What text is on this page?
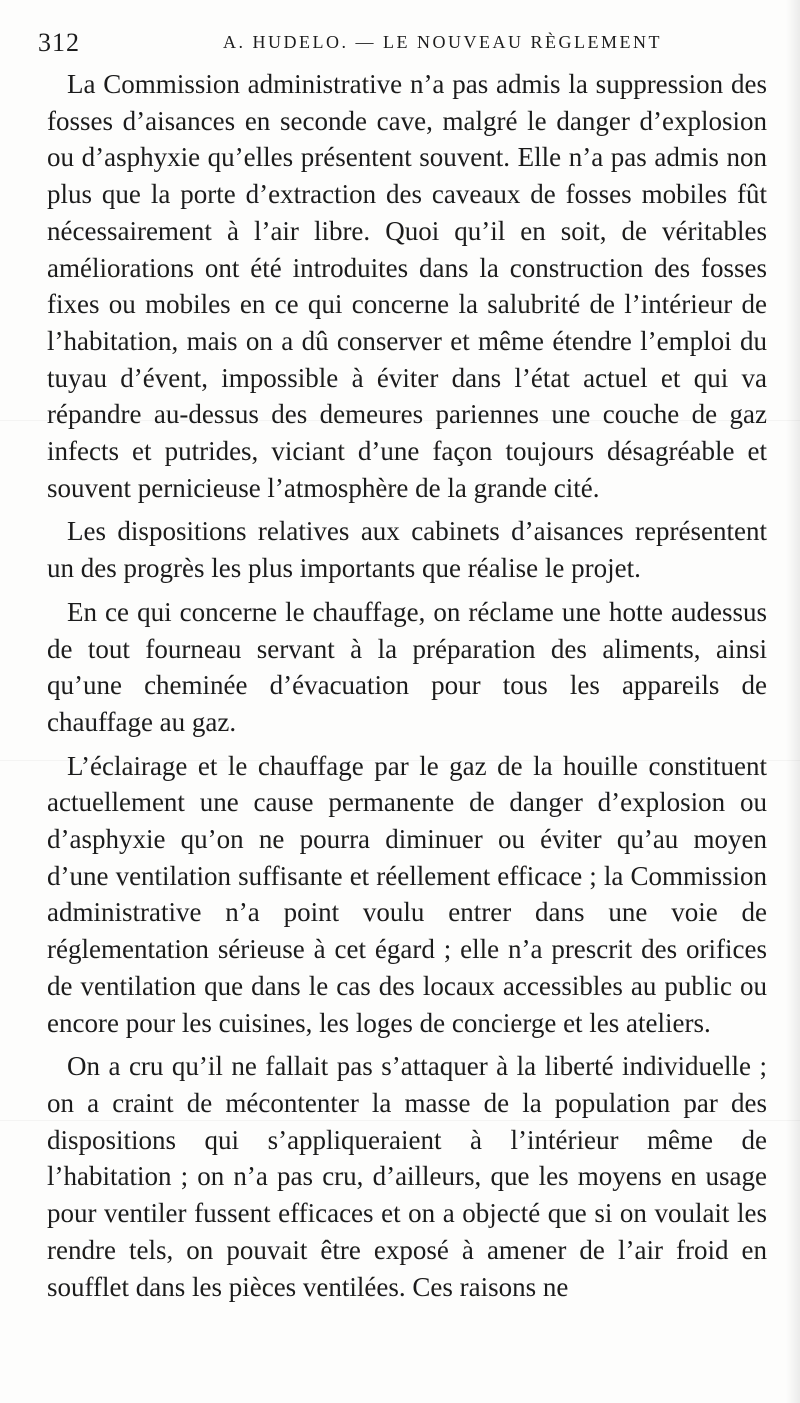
312	A. HUDELO. — LE NOUVEAU RÈGLEMENT

La Commission administrative n’a pas admis la suppression des fosses d’aisances en seconde cave, malgré le danger d’explosion ou d’asphyxie qu’elles présentent souvent. Elle n’a pas admis non plus que la porte d’extraction des caveaux de fosses mobiles fût nécessairement à l’air libre. Quoi qu’il en soit, de véritables améliorations ont été introduites dans la construction des fosses fixes ou mobiles en ce qui concerne la salubrité de l’intérieur de l’habitation, mais on a dû conserver et même étendre l’emploi du tuyau d’évent, impossible à éviter dans l’état actuel et qui va répandre au-dessus des demeures pariennes une couche de gaz infects et putrides, viciant d’une façon toujours désagréable et souvent pernicieuse l’atmosphère de la grande cité.

Les dispositions relatives aux cabinets d’aisances représentent un des progrès les plus importants que réalise le projet.

En ce qui concerne le chauffage, on réclame une hotte audessus de tout fourneau servant à la préparation des aliments, ainsi qu’une cheminée d’évacuation pour tous les appareils de chauffage au gaz.

L’éclairage et le chauffage par le gaz de la houille constituent actuellement une cause permanente de danger d’explosion ou d’asphyxie qu’on ne pourra diminuer ou éviter qu’au moyen d’une ventilation suffisante et réellement efficace ; la Commission administrative n’a point voulu entrer dans une voie de réglementation sérieuse à cet égard ; elle n’a prescrit des orifices de ventilation que dans le cas des locaux accessibles au public ou encore pour les cuisines, les loges de concierge et les ateliers.

On a cru qu’il ne fallait pas s’attaquer à la liberté individuelle ; on a craint de mécontenter la masse de la population par des dispositions qui s’appliqueraient à l’intérieur même de l’habitation ; on n’a pas cru, d’ailleurs, que les moyens en usage pour ventiler fussent efficaces et on a objecté que si on voulait les rendre tels, on pouvait être exposé à amener de l’air froid en soufflet dans les pièces ventilées. Ces raisons ne
